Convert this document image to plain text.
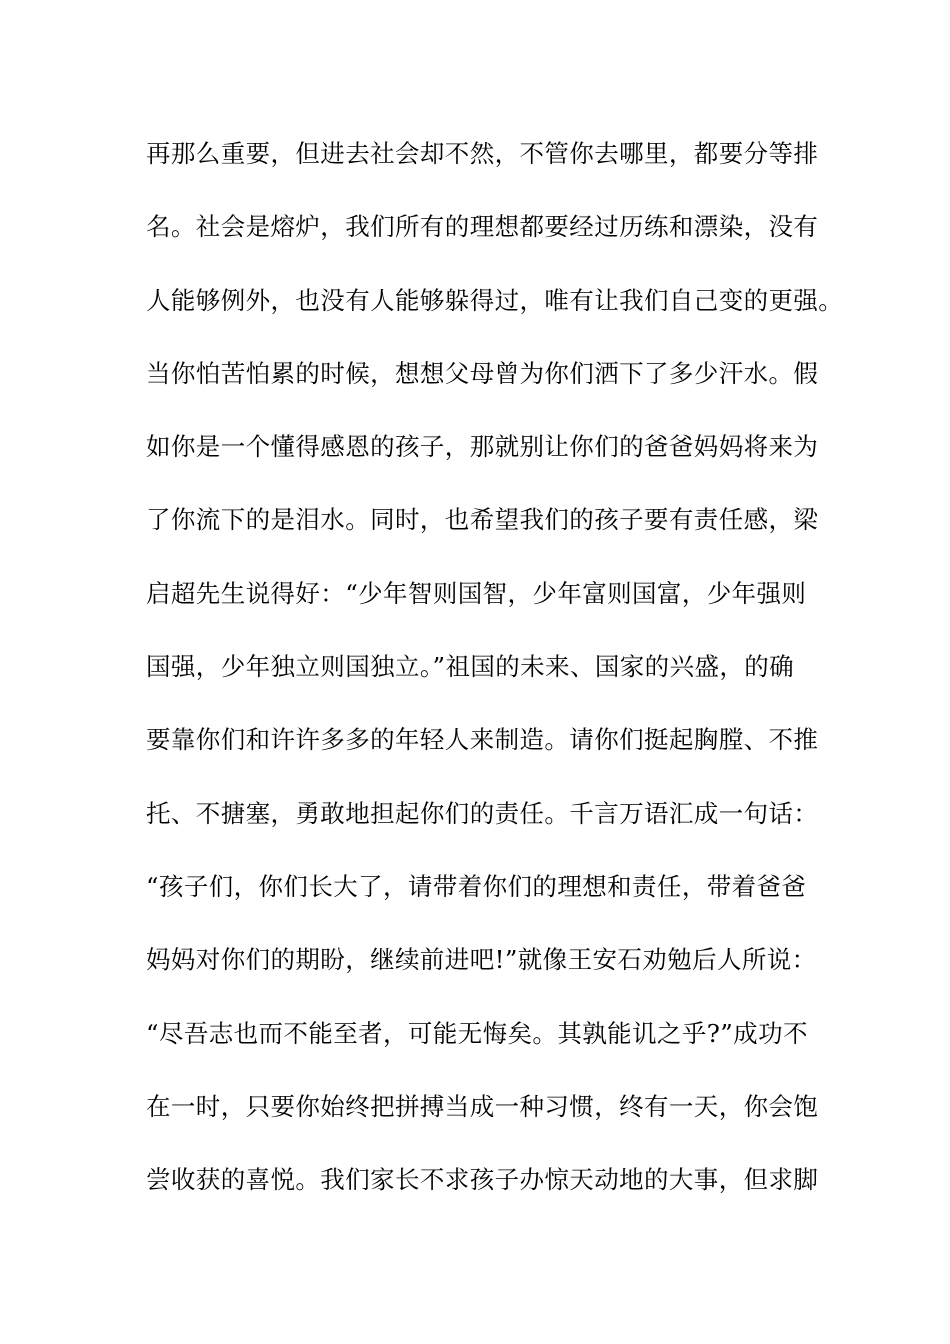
再那么重要，但进去社会却不然，不管你去哪里，都要分等排
名。社会是熔炉，我们所有的理想都要经过历练和漂染，没有
人能够例外，也没有人能够躲得过，唯有让我们自己变的更强。
当你怕苦怕累的时候，想想父母曾为你们洒下了多少汗水。假
如你是一个懂得感恩的孩子，那就别让你们的爸爸妈妈将来为
了你流下的是泪水。同时，也希望我们的孩子要有责任感，梁
启超先生说得好：“少年智则国智，少年富则国富，少年强则
国强，少年独立则国独立。”祖国的未来、国家的兴盛，的确
要靠你们和许许多多的年轻人来制造。请你们挺起胸膛、不推
托、不搪塞，勇敢地担起你们的责任。千言万语汇成一句话：
“孩子们，你们长大了，请带着你们的理想和责任，带着爸爸
妈妈对你们的期盼，继续前进吧!”就像王安石劝勉后人所说：
“尽吾志也而不能至者，可能无悔矣。其孰能讥之乎?”成功不
在一时，只要你始终把拼搏当成一种习惯，终有一天，你会饱
尝收获的喜悦。我们家长不求孩子办惊天动地的大事，但求脚
